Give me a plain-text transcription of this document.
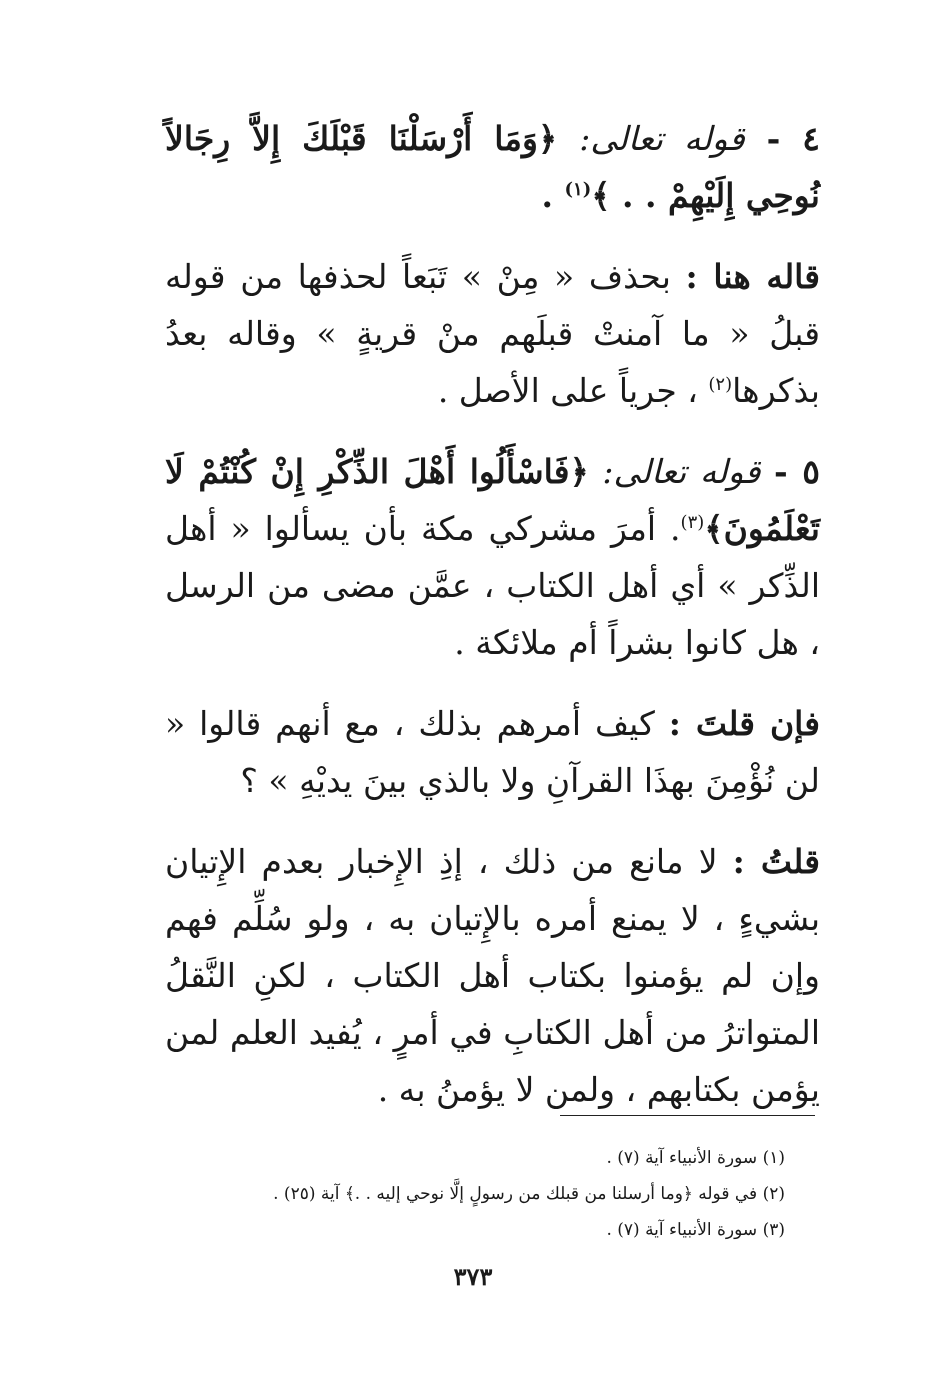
٤ - قوله تعالى: ﴿وَمَا أَرْسَلْنَا قَبْلَكَ إِلاَّ رِجَالاً نُوحِي إِلَيْهِمْ . . ﴾$^{(١)}$ .

قاله هنا : بحذف « مِنْ » تَبَعاً لحذفها من قوله قبلُ « ما آمنتْ قبلَهم منْ قريةٍ » وقاله بعدُ بذكرها$^{(٢)}$ ، جرياً على الأصل .

٥ - قوله تعالى: ﴿فَاسْأَلُوا أَهْلَ الذِّكْرِ إِنْ كُنْتُمْ لَا تَعْلَمُونَ﴾$^{(٣)}$. أمرَ مشركي مكة بأن يسألوا « أهل الذِّكر » أي أهل الكتاب ، عمَّن مضى من الرسل ، هل كانوا بشراً أم ملائكة .

فإن قلتَ : كيف أمرهم بذلك ، مع أنهم قالوا « لن نُؤْمِنَ بهذَا القرآنِ ولا بالذي بينَ يديْهِ » ؟

قلتُ : لا مانع من ذلك ، إذِ الإِخبار بعدم الإِتيان بشيءٍ ، لا يمنع أمره بالإِتيان به ، ولو سُلِّم فهم وإن لم يؤمنوا بكتاب أهل الكتاب ، لكنِ النَّقلُ المتواترُ من أهل الكتابِ في أمرٍ ، يُفيد العلم لمن يؤمن بكتابهم ، ولمن لا يؤمنُ به .

(١) سورة الأنبياء آية (٧) .

(٢) في قوله ﴿وما أرسلنا من قبلك من رسولٍ إلَّا نوحي إليه . .﴾ آية (٢٥) .

(٣) سورة الأنبياء آية (٧) .

٣٧٣
